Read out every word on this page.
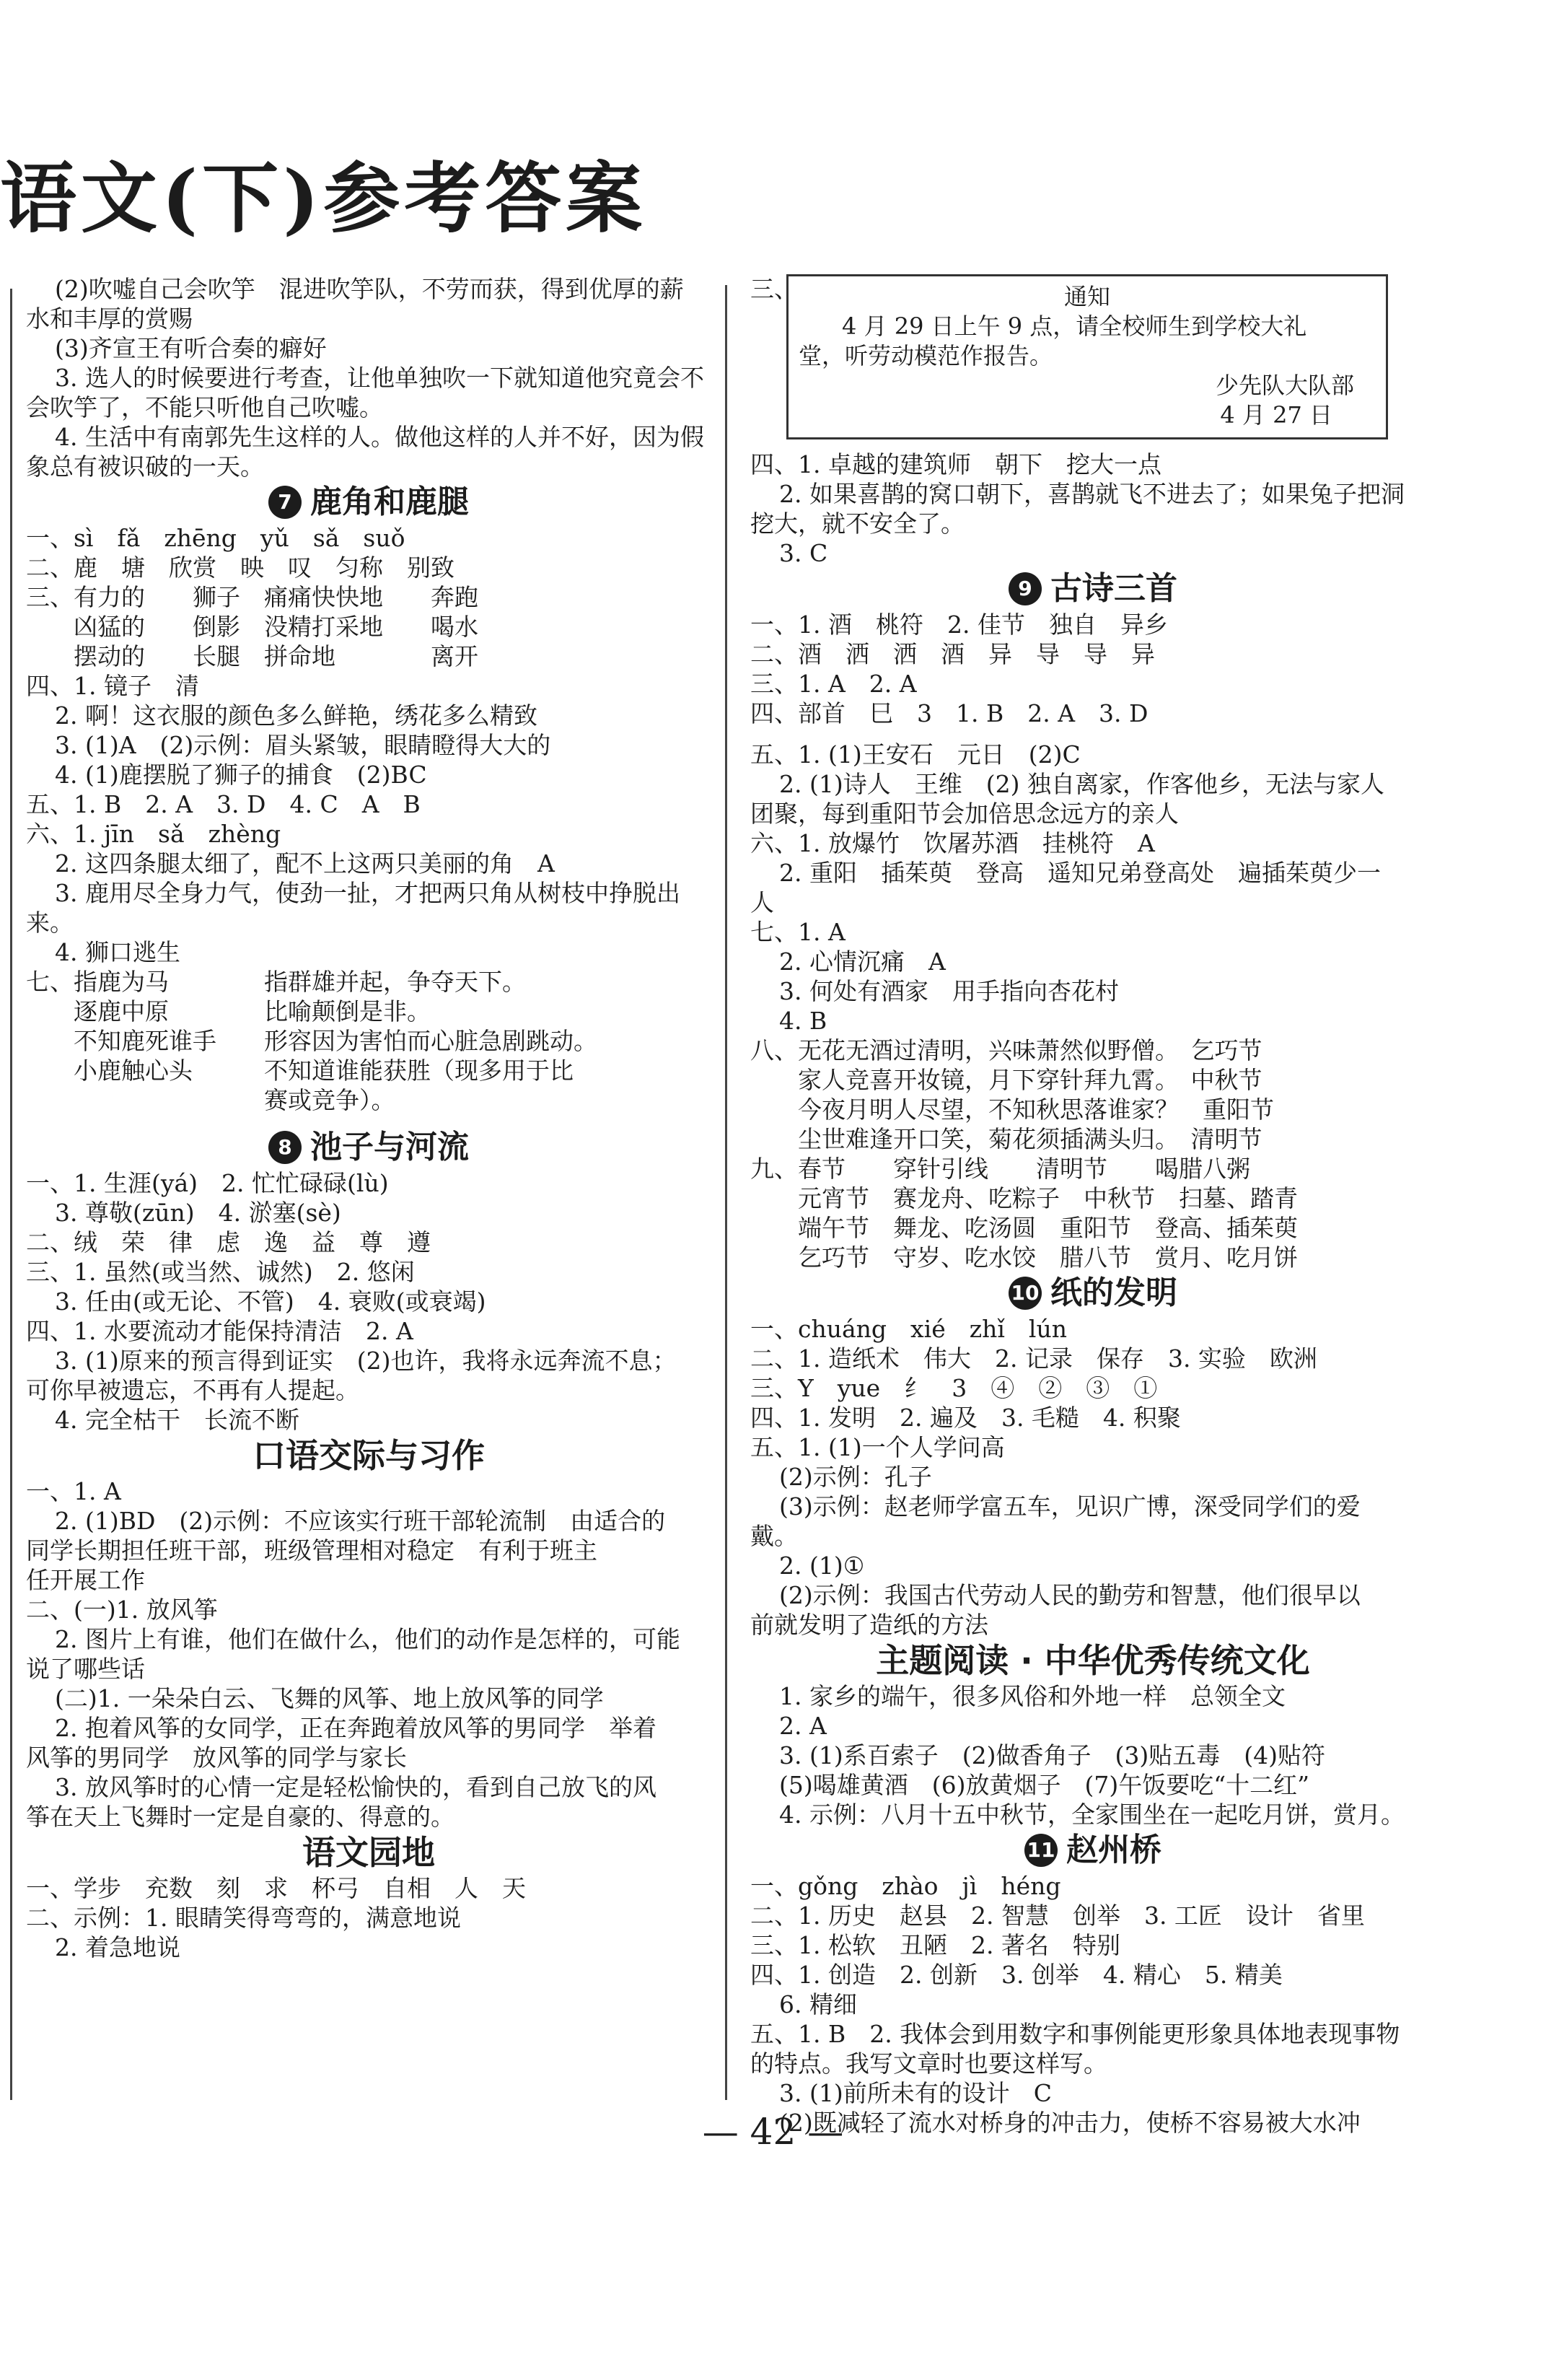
语文(下)参考答案
(2)吹嘘自己会吹竽　混进吹竽队，不劳而获，得到优厚的薪
水和丰厚的赏赐
(3)齐宣王有听合奏的癖好
3. 选人的时候要进行考查，让他单独吹一下就知道他究竟会不
会吹竽了，不能只听他自己吹嘘。
4. 生活中有南郭先生这样的人。做他这样的人并不好，因为假
象总有被识破的一天。
7 鹿角和鹿腿
一、sì　fǎ　zhēng　yǔ　sǎ　suǒ
二、鹿　塘　欣赏　映　叹　匀称　别致
三、有力的　　狮子　痛痛快快地　　奔跑
　　凶猛的　　倒影　没精打采地　　喝水
　　摆动的　　长腿　拼命地　　　　离开
四、1. 镜子　清
2. 啊！这衣服的颜色多么鲜艳，绣花多么精致
3. (1)A　(2)示例：眉头紧皱，眼睛瞪得大大的
4. (1)鹿摆脱了狮子的捕食　(2)BC
五、1. B　2. A　3. D　4. C　A　B
六、1. jīn　sǎ　zhèng
2. 这四条腿太细了，配不上这两只美丽的角　A
3. 鹿用尽全身力气，使劲一扯，才把两只角从树枝中挣脱出
来。
4. 狮口逃生
七、指鹿为马　　　　指群雄并起，争夺天下。
　　逐鹿中原　　　　比喻颠倒是非。
　　不知鹿死谁手　　形容因为害怕而心脏急剧跳动。
　　小鹿触心头　　　不知道谁能获胜（现多用于比
　　　　　　　　　　赛或竞争）。
8 池子与河流
一、1. 生涯(yá)　2. 忙忙碌碌(lù)
3. 尊敬(zūn)　4. 淤塞(sè)
二、绒　荣　律　虑　逸　益　尊　遵
三、1. 虽然(或当然、诚然)　2. 悠闲
3. 任由(或无论、不管)　4. 衰败(或衰竭)
四、1. 水要流动才能保持清洁　2. A
3. (1)原来的预言得到证实　(2)也许，我将永远奔流不息；
可你早被遗忘，不再有人提起。
4. 完全枯干　长流不断
口语交际与习作
一、1. A
2. (1)BD　(2)示例：不应该实行班干部轮流制　由适合的
同学长期担任班干部，班级管理相对稳定　有利于班主
任开展工作
二、(一)1. 放风筝
2. 图片上有谁，他们在做什么，他们的动作是怎样的，可能
说了哪些话
(二)1. 一朵朵白云、飞舞的风筝、地上放风筝的同学
2. 抱着风筝的女同学，正在奔跑着放风筝的男同学　举着
风筝的男同学　放风筝的同学与家长
3. 放风筝时的心情一定是轻松愉快的，看到自己放飞的风
筝在天上飞舞时一定是自豪的、得意的。
语文园地
一、学步　充数　刻　求　杯弓　自相　人　天
二、示例：1. 眼睛笑得弯弯的，满意地说
2. 着急地说
三、	通知
4 月 29 日上午 9 点，请全校师生到学校大礼
堂，听劳动模范作报告。
少先队大队部
4 月 27 日
四、1. 卓越的建筑师　朝下　挖大一点
2. 如果喜鹊的窝口朝下，喜鹊就飞不进去了；如果兔子把洞
挖大，就不安全了。
3. C
9 古诗三首
一、1. 酒　桃符　2. 佳节　独自　异乡
二、酒　洒　洒　酒　异　导　导　异
三、1. A　2. A
四、部首　巳　3　1. B　2. A　3. D
五、1. (1)王安石　元日　(2)C
2. (1)诗人　王维　(2) 独自离家，作客他乡，无法与家人
团聚，每到重阳节会加倍思念远方的亲人
六、1. 放爆竹　饮屠苏酒　挂桃符　A
2. 重阳　插茱萸　登高　遥知兄弟登高处　遍插茱萸少一
人
七、1. A
2. 心情沉痛　A
3. 何处有酒家　用手指向杏花村
4. B
八、无花无酒过清明，兴味萧然似野僧。　乞巧节
　　家人竞喜开妆镜，月下穿针拜九霄。　中秋节
　　今夜月明人尽望，不知秋思落谁家？　重阳节
　　尘世难逢开口笑，菊花须插满头归。　清明节
九、春节　　穿针引线　　清明节　　喝腊八粥
　　元宵节　赛龙舟、吃粽子　中秋节　扫墓、踏青
　　端午节　舞龙、吃汤圆　重阳节　登高、插茱萸
　　乞巧节　守岁、吃水饺　腊八节　赏月、吃月饼
10 纸的发明
一、chuáng　xié　zhǐ　lún
二、1. 造纸术　伟大　2. 记录　保存　3. 实验　欧洲
三、Y　yue　纟　3　④　②　③　①
四、1. 发明　2. 遍及　3. 毛糙　4. 积聚
五、1. (1)一个人学问高
(2)示例：孔子
(3)示例：赵老师学富五车，见识广博，深受同学们的爱
戴。
2. (1)①
(2)示例：我国古代劳动人民的勤劳和智慧，他们很早以
前就发明了造纸的方法
主题阅读 · 中华优秀传统文化
1. 家乡的端午，很多风俗和外地一样　总领全文
2. A
3. (1)系百索子　(2)做香角子　(3)贴五毒　(4)贴符
(5)喝雄黄酒　(6)放黄烟子　(7)午饭要吃“十二红”
4. 示例：八月十五中秋节，全家围坐在一起吃月饼，赏月。
11 赵州桥
一、gǒng　zhào　jì　héng
二、1. 历史　赵县　2. 智慧　创举　3. 工匠　设计　省里
三、1. 松软　丑陋　2. 著名　特别
四、1. 创造　2. 创新　3. 创举　4. 精心　5. 精美
6. 精细
五、1. B　2. 我体会到用数字和事例能更形象具体地表现事物
的特点。我写文章时也要这样写。
3. (1)前所未有的设计　C
(2)既减轻了流水对桥身的冲击力，使桥不容易被大水冲
— 42 —
